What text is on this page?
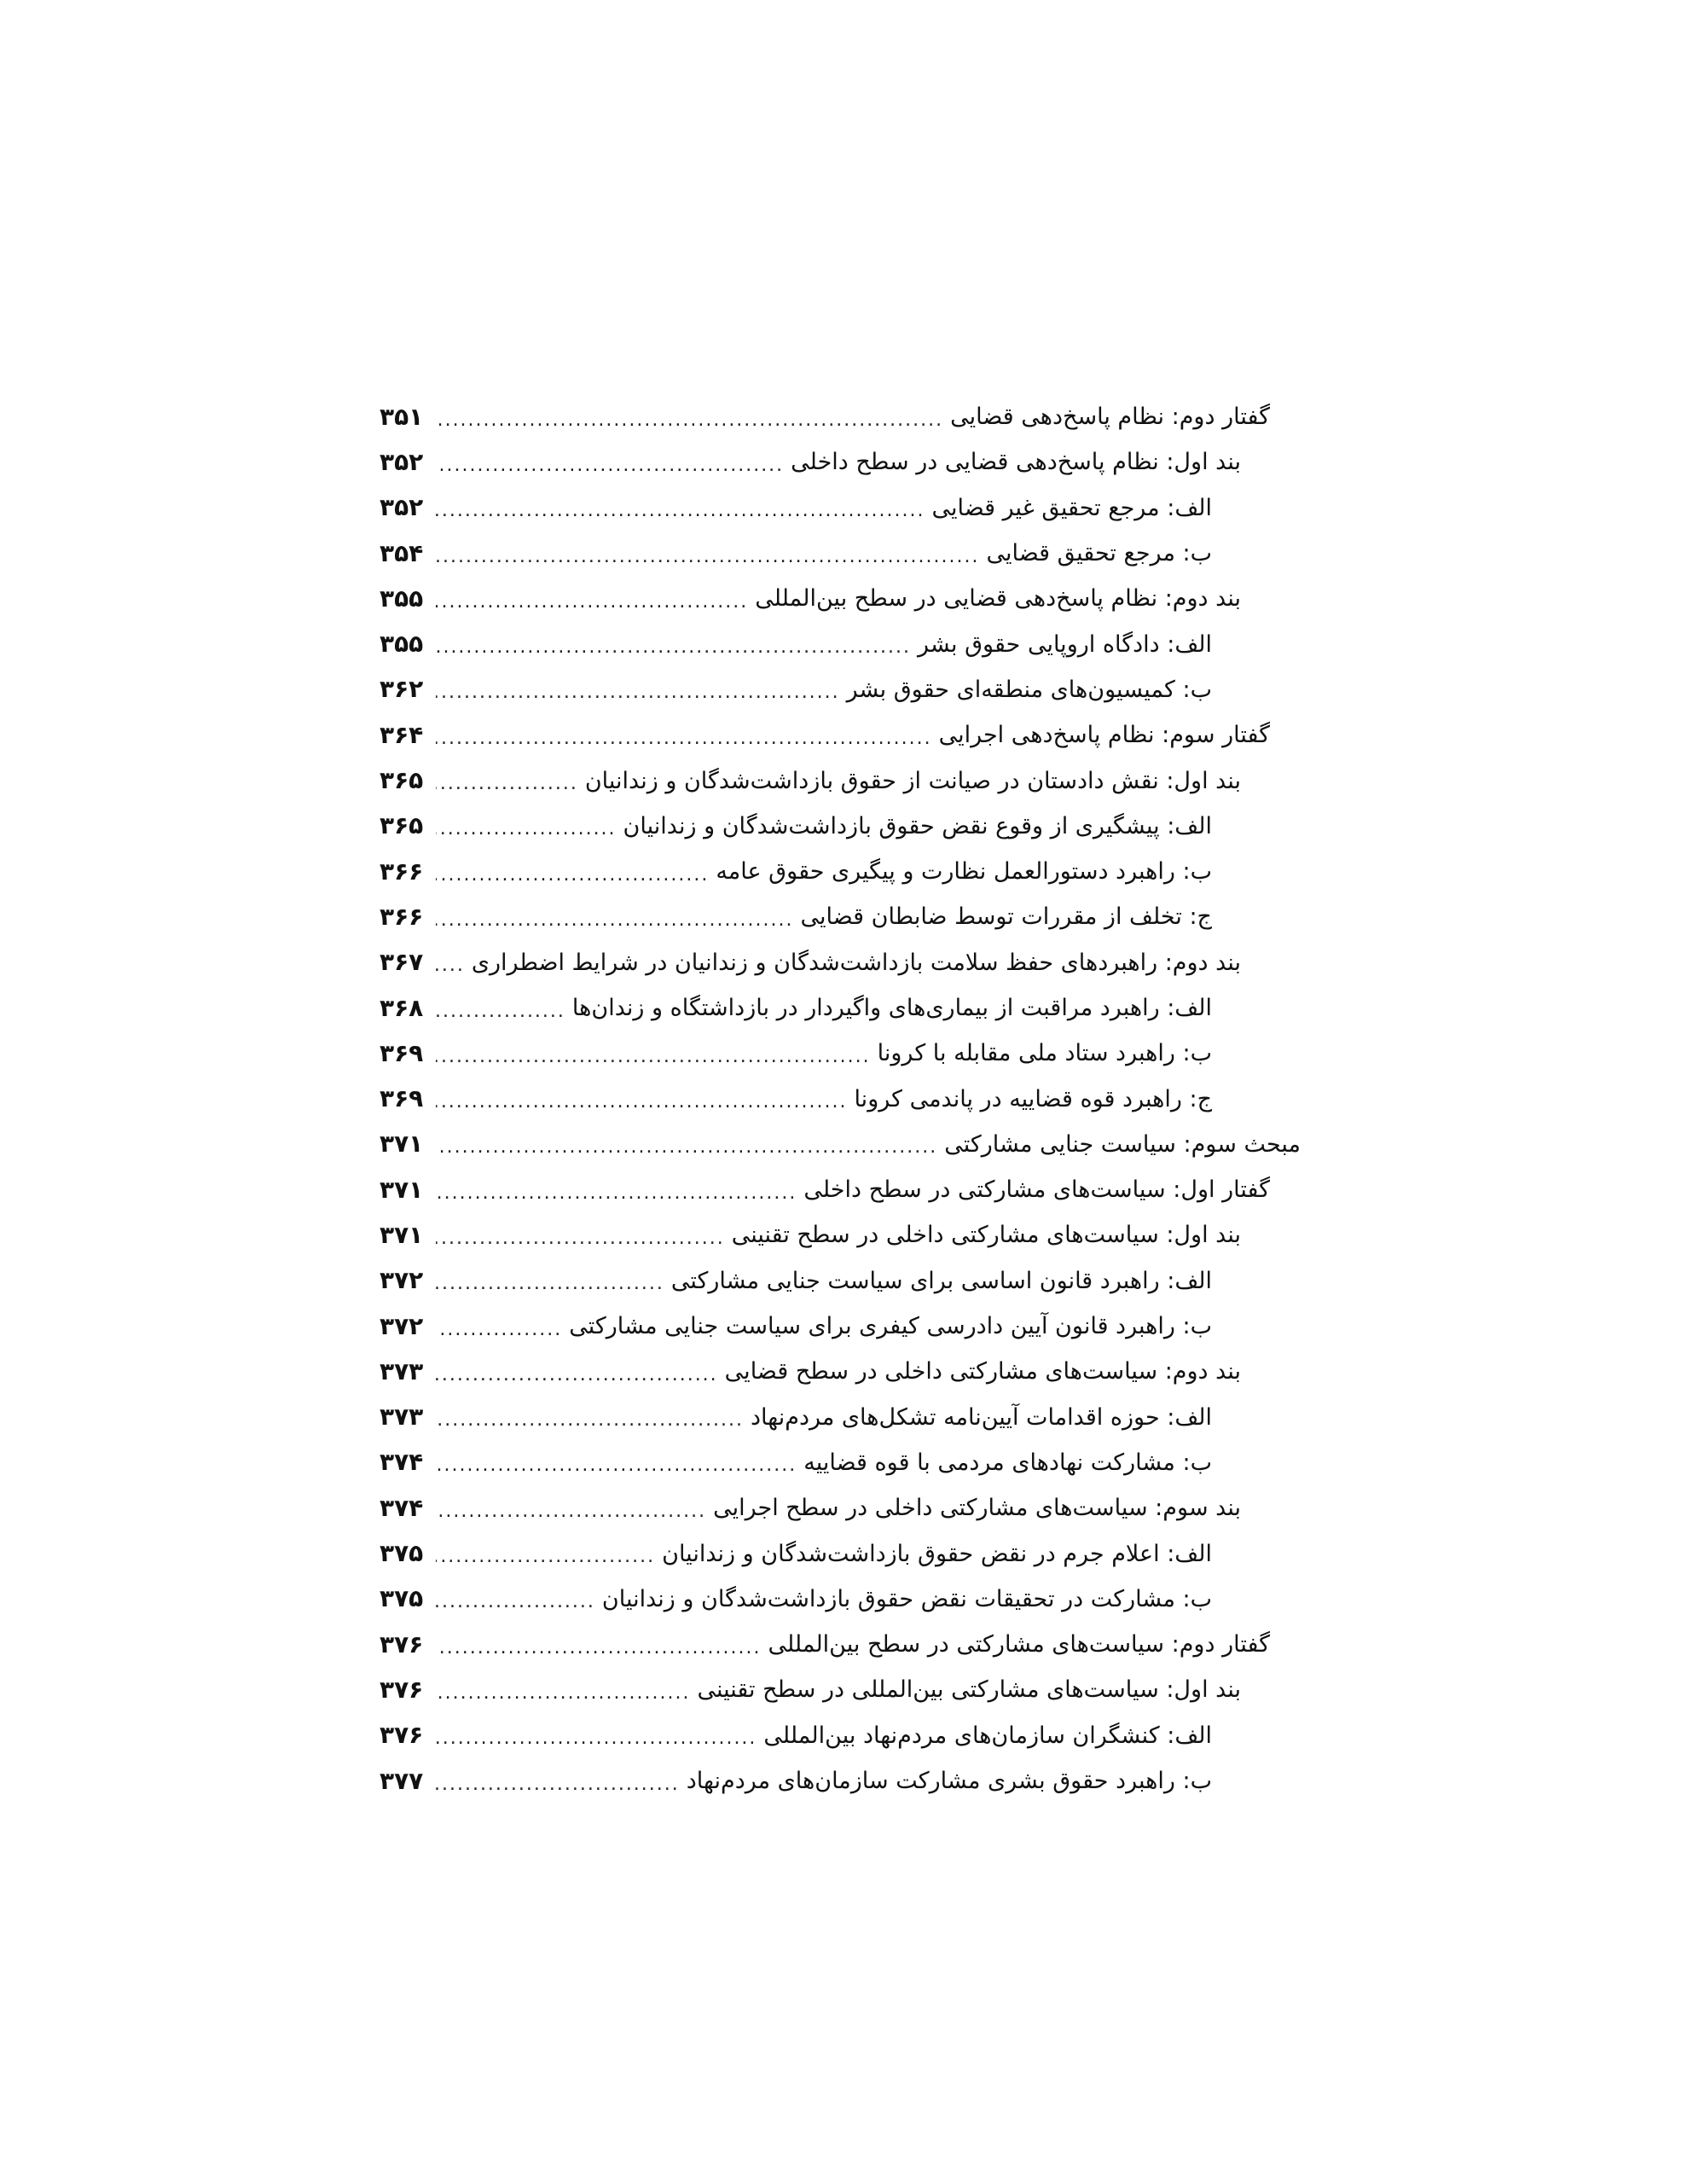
گفتار دوم: نظام پاسخ‌دهی قضایی
.....
۳۵۱
بند اول: نظام پاسخ‌دهی قضایی در سطح داخلی
.....
۳۵۲
الف: مرجع تحقیق غیر قضایی
.....
۳۵۲
ب: مرجع تحقیق قضایی
.....
۳۵۴
بند دوم: نظام پاسخ‌دهی قضایی در سطح بین‌المللی
.....
۳۵۵
الف: دادگاه اروپایی حقوق بشر
.....
۳۵۵
ب: کمیسیون‌های منطقه‌ای حقوق بشر
.....
۳۶۲
گفتار سوم: نظام پاسخ‌دهی اجرایی
.....
۳۶۴
بند اول: نقش دادستان در صیانت از حقوق بازداشت‌شدگان و زندانیان
.....
۳۶۵
الف: پیشگیری از وقوع نقض حقوق بازداشت‌شدگان و زندانیان
.....
۳۶۵
ب: راهبرد دستورالعمل نظارت و پیگیری حقوق عامه
.....
۳۶۶
ج: تخلف از مقررات توسط ضابطان قضایی
.....
۳۶۶
بند دوم: راهبردهای حفظ سلامت بازداشت‌شدگان و زندانیان در شرایط اضطراری
.....
۳۶۷
الف: راهبرد مراقبت از بیماری‌های واگیردار در بازداشتگاه و زندان‌ها
.....
۳۶۸
ب: راهبرد ستاد ملی مقابله با کرونا
.....
۳۶۹
ج: راهبرد قوه قضاییه در پاندمی کرونا
.....
۳۶۹
مبحث سوم: سیاست جنایی مشارکتی
.....
۳۷۱
گفتار اول: سیاست‌های مشارکتی در سطح داخلی
.....
۳۷۱
بند اول: سیاست‌های مشارکتی داخلی در سطح تقنینی
.....
۳۷۱
الف: راهبرد قانون اساسی برای سیاست جنایی مشارکتی
.....
۳۷۲
ب: راهبرد قانون آیین دادرسی کیفری برای سیاست جنایی مشارکتی
.....
۳۷۲
بند دوم: سیاست‌های مشارکتی داخلی در سطح قضایی
.....
۳۷۳
الف: حوزه اقدامات آیین‌نامه تشکل‌های مردم‌نهاد
.....
۳۷۳
ب: مشارکت نهادهای مردمی با قوه قضاییه
.....
۳۷۴
بند سوم: سیاست‌های مشارکتی داخلی در سطح اجرایی
.....
۳۷۴
الف: اعلام جرم در نقض حقوق بازداشت‌شدگان و زندانیان
.....
۳۷۵
ب: مشارکت در تحقیقات نقض حقوق بازداشت‌شدگان و زندانیان
.....
۳۷۵
گفتار دوم: سیاست‌های مشارکتی در سطح بین‌المللی
.....
۳۷۶
بند اول: سیاست‌های مشارکتی بین‌المللی در سطح تقنینی
.....
۳۷۶
الف: کنشگران سازمان‌های مردم‌نهاد بین‌المللی
.....
۳۷۶
ب: راهبرد حقوق بشری مشارکت سازمان‌های مردم‌نهاد
.....
۳۷۷
